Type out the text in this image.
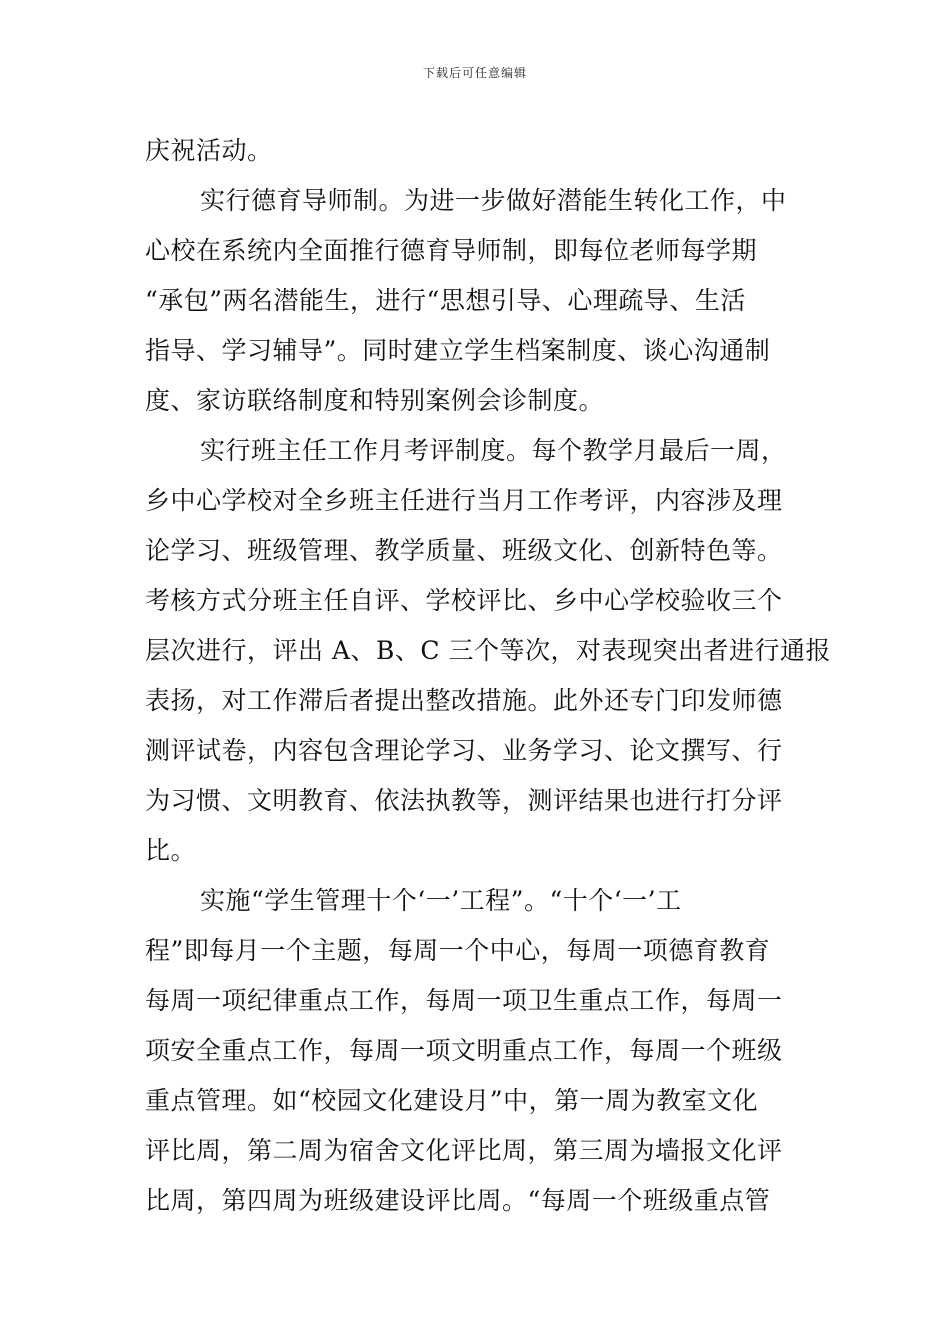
下载后可任意编辑
庆祝活动。
实行德育导师制。为进一步做好潜能生转化工作，中
心校在系统内全面推行德育导师制，即每位老师每学期
“承包”两名潜能生，进行“思想引导、心理疏导、生活
指导、学习辅导”。同时建立学生档案制度、谈心沟通制
度、家访联络制度和特别案例会诊制度。
实行班主任工作月考评制度。每个教学月最后一周，
乡中心学校对全乡班主任进行当月工作考评，内容涉及理
论学习、班级管理、教学质量、班级文化、创新特色等。
考核方式分班主任自评、学校评比、乡中心学校验收三个
层次进行，评出 A、B、C 三个等次，对表现突出者进行通报
表扬，对工作滞后者提出整改措施。此外还专门印发师德
测评试卷，内容包含理论学习、业务学习、论文撰写、行
为习惯、文明教育、依法执教等，测评结果也进行打分评
比。
实施“学生管理十个‘一’工程”。“十个‘一’工
程”即每月一个主题，每周一个中心，每周一项德育教育
每周一项纪律重点工作，每周一项卫生重点工作，每周一
项安全重点工作，每周一项文明重点工作，每周一个班级
重点管理。如“校园文化建设月”中，第一周为教室文化
评比周，第二周为宿舍文化评比周，第三周为墙报文化评
比周，第四周为班级建设评比周。“每周一个班级重点管
